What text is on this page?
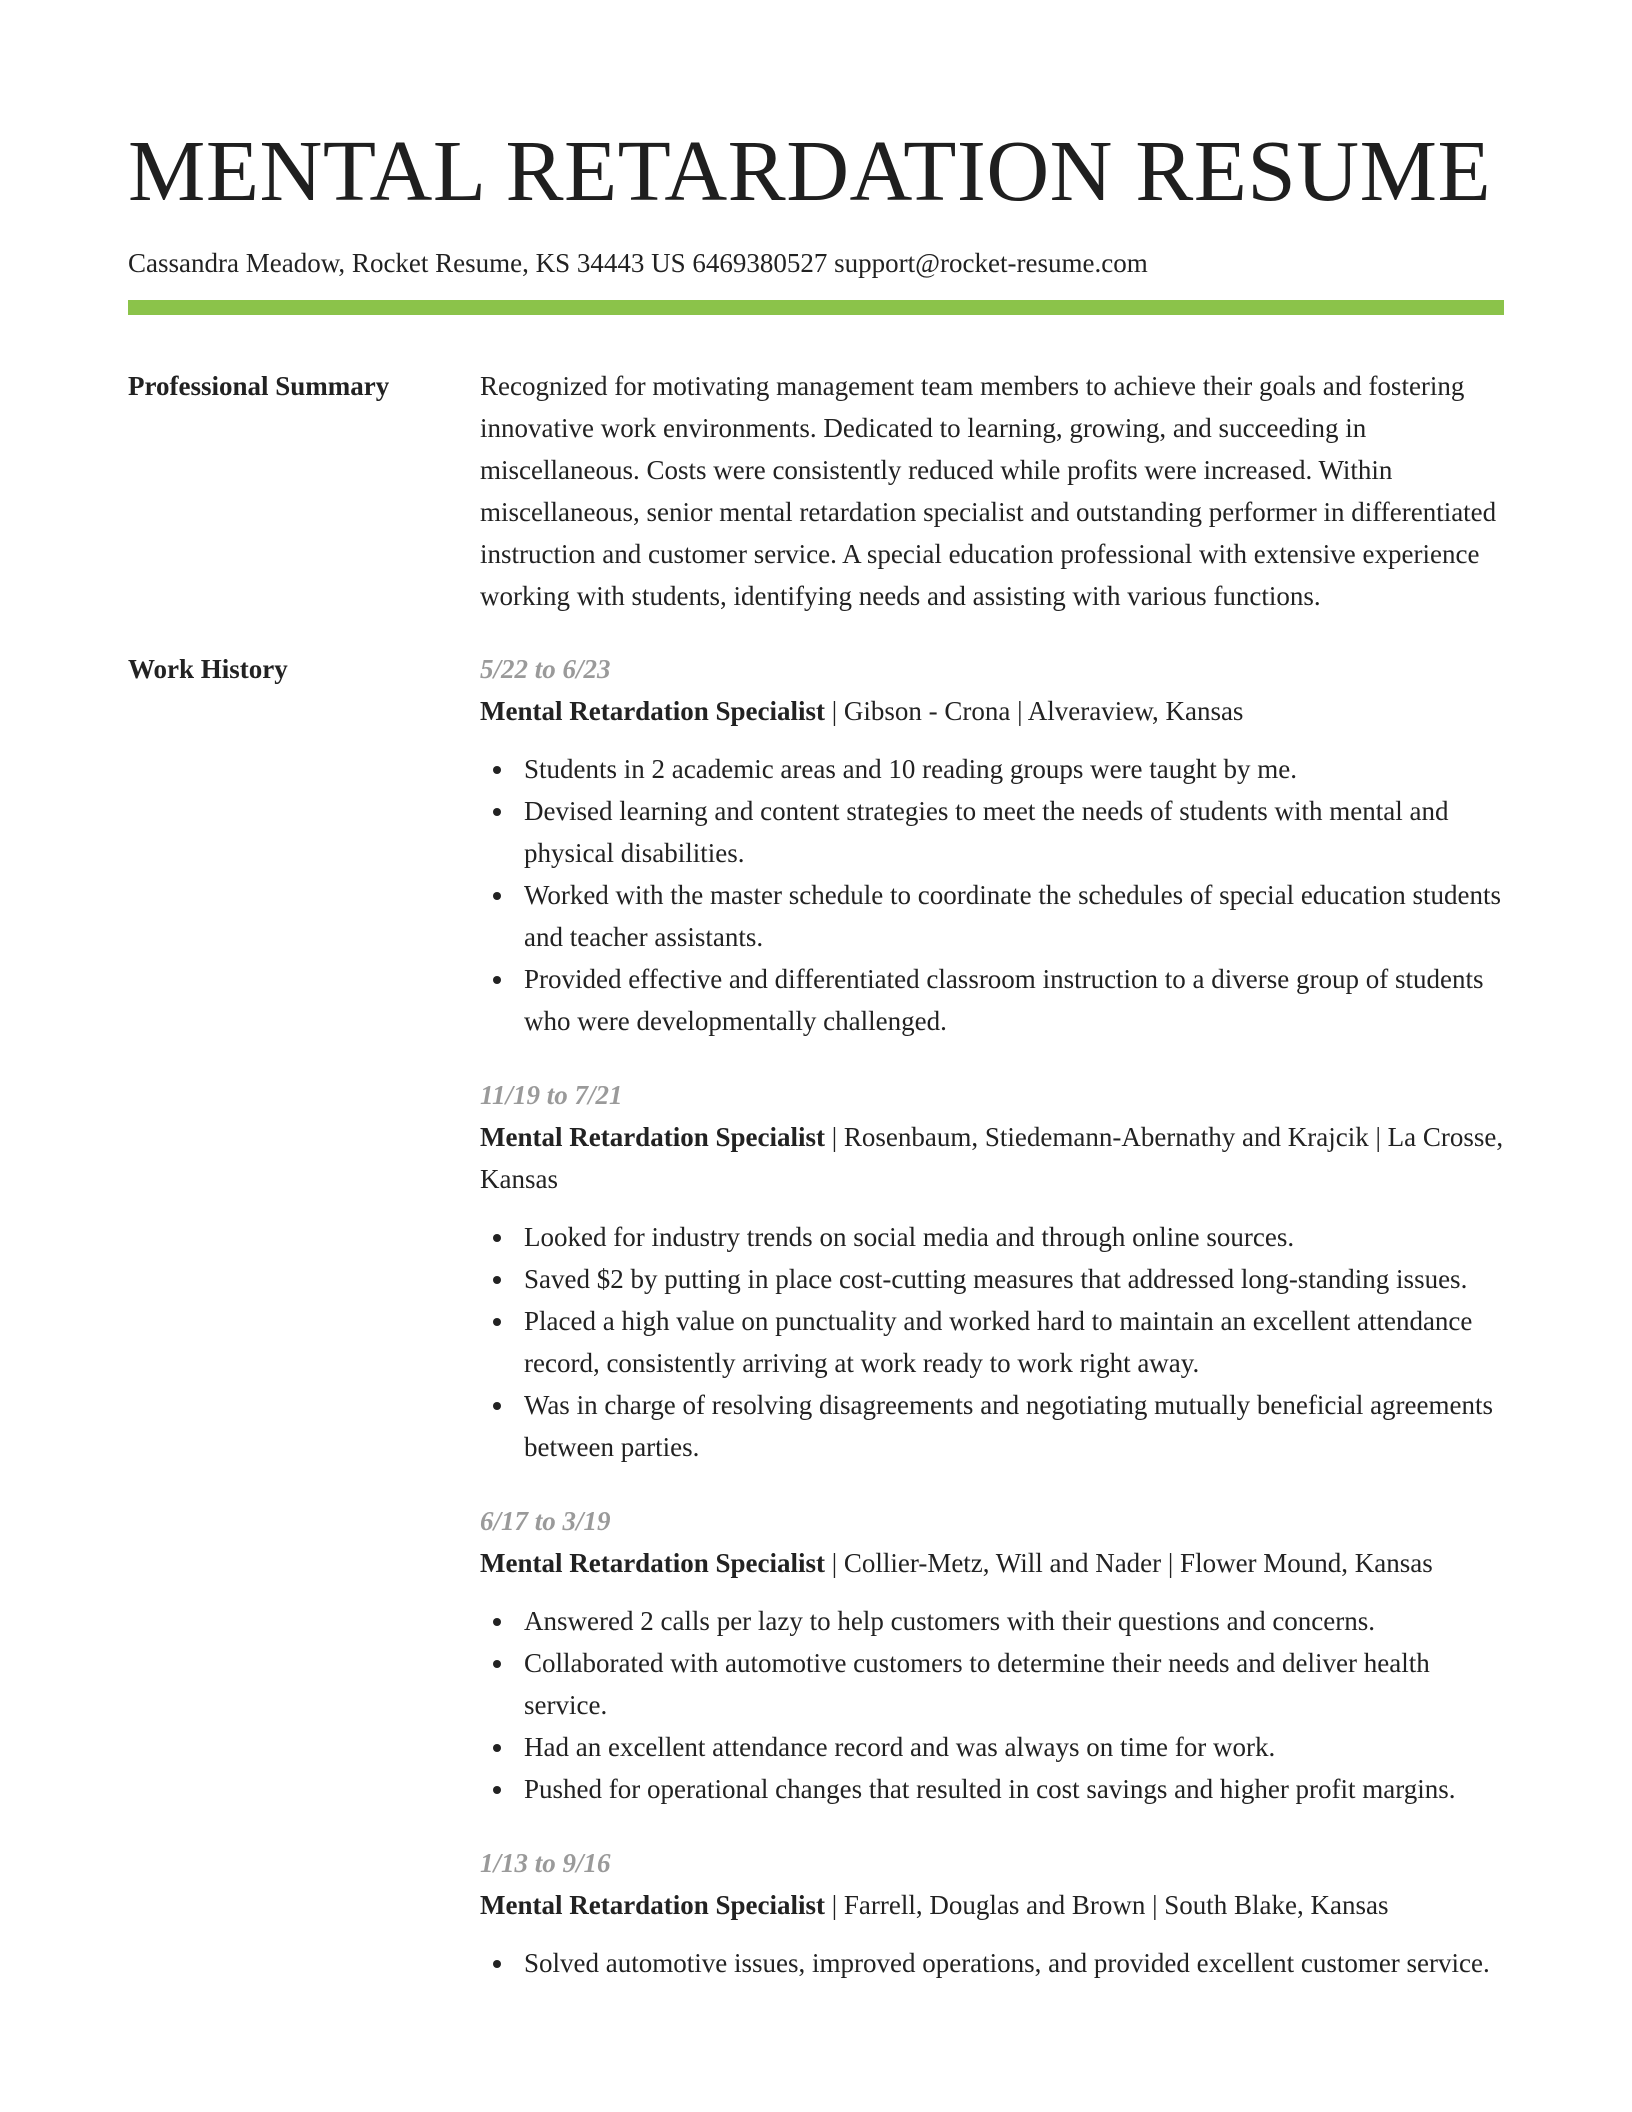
MENTAL RETARDATION RESUME
Cassandra Meadow, Rocket Resume, KS 34443 US 6469380527 support@rocket-resume.com
Professional Summary	Recognized for motivating management team members to achieve their goals and fostering innovative work environments. Dedicated to learning, growing, and succeeding in miscellaneous. Costs were consistently reduced while profits were increased. Within miscellaneous, senior mental retardation specialist and outstanding performer in differentiated instruction and customer service. A special education professional with extensive experience working with students, identifying needs and assisting with various functions.
Work History	5/22 to 6/23
Mental Retardation Specialist | Gibson - Crona | Alveraview, Kansas
Students in 2 academic areas and 10 reading groups were taught by me.
Devised learning and content strategies to meet the needs of students with mental and physical disabilities.
Worked with the master schedule to coordinate the schedules of special education students and teacher assistants.
Provided effective and differentiated classroom instruction to a diverse group of students who were developmentally challenged.
11/19 to 7/21
Mental Retardation Specialist | Rosenbaum, Stiedemann-Abernathy and Krajcik | La Crosse, Kansas
Looked for industry trends on social media and through online sources.
Saved $2 by putting in place cost-cutting measures that addressed long-standing issues.
Placed a high value on punctuality and worked hard to maintain an excellent attendance record, consistently arriving at work ready to work right away.
Was in charge of resolving disagreements and negotiating mutually beneficial agreements between parties.
6/17 to 3/19
Mental Retardation Specialist | Collier-Metz, Will and Nader | Flower Mound, Kansas
Answered 2 calls per lazy to help customers with their questions and concerns.
Collaborated with automotive customers to determine their needs and deliver health service.
Had an excellent attendance record and was always on time for work.
Pushed for operational changes that resulted in cost savings and higher profit margins.
1/13 to 9/16
Mental Retardation Specialist | Farrell, Douglas and Brown | South Blake, Kansas
Solved automotive issues, improved operations, and provided excellent customer service.
